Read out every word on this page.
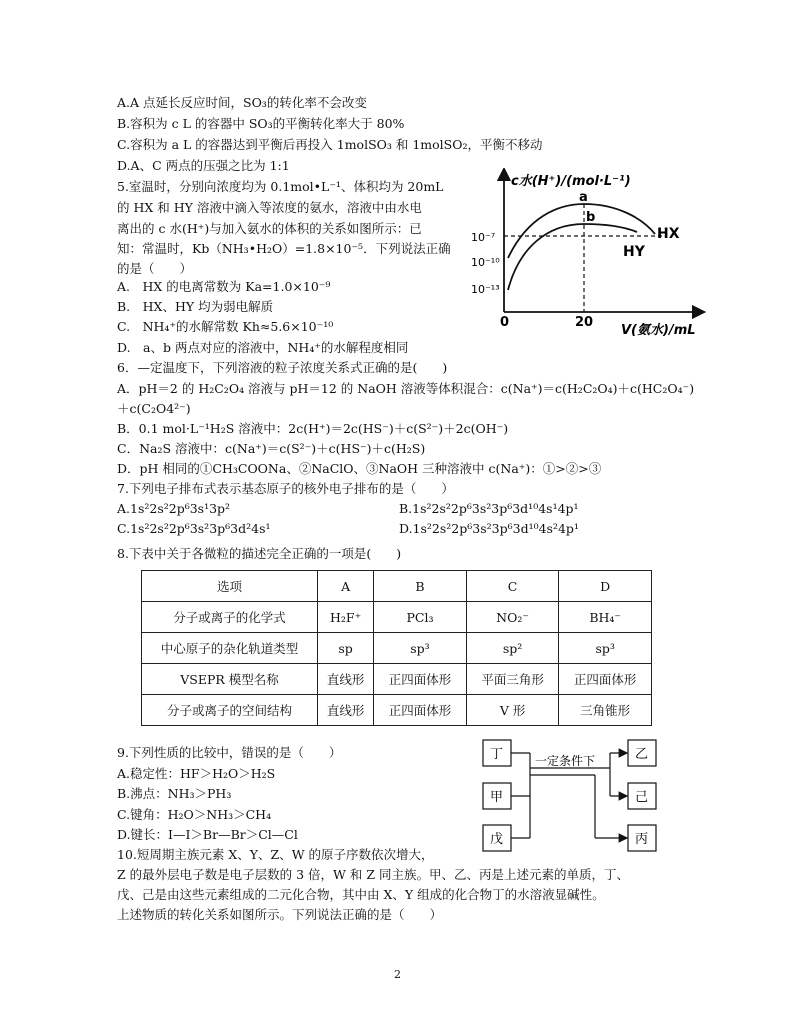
A.A 点延长反应时间，SO₃的转化率不会改变
B.容积为 c L 的容器中 SO₃的平衡转化率大于 80%
C.容积为 a L 的容器达到平衡后再投入 1molSO₃ 和 1molSO₂，平衡不移动
D.A、C 两点的压强之比为 1:1
5.室温时，分别向浓度均为 0.1mol•L⁻¹、体积均为 20mL
的 HX 和 HY 溶液中滴入等浓度的氨水，溶液中由水电
离出的 c 水(H⁺)与加入氨水的体积的关系如图所示：已
知：常温时，Kb（NH₃•H₂O）=1.8×10⁻⁵．下列说法正确
的是（　　）
A.　HX 的电离常数为 Ka=1.0×10⁻⁹
B.　HX、HY 均为弱电解质
C.　NH₄⁺的水解常数 Kh≈5.6×10⁻¹⁰
D.　a、b 两点对应的溶液中，NH₄⁺的水解程度相同
c水(H⁺)/(mol·L⁻¹)
10⁻⁷
10⁻¹⁰
10⁻¹³
0	20
V(氨水)/mL
HX
HY
a
b
6．—定温度下，下列溶液的粒子浓度关系式正确的是(　　)
A．pH＝2 的 H₂C₂O₄ 溶液与 pH＝12 的 NaOH 溶液等体积混合：c(Na⁺)＝c(H₂C₂O₄)＋c(HC₂O₄⁻)
＋c(C₂O4²⁻)
B．0.1 mol·L⁻¹H₂S 溶液中：2c(H⁺)＝2c(HS⁻)＋c(S²⁻)＋2c(OH⁻)
C．Na₂S 溶液中：c(Na⁺)＝c(S²⁻)＋c(HS⁻)＋c(H₂S)
D．pH 相同的①CH₃COONa、②NaClO、③NaOH 三种溶液中 c(Na⁺)：①>②>③
7.下列电子排布式表示基态原子的核外电子排布的是（　　）
A.1s²2s²2p⁶3s¹3p²	B.1s²2s²2p⁶3s²3p⁶3d¹⁰4s¹4p¹
C.1s²2s²2p⁶3s²3p⁶3d²4s¹	D.1s²2s²2p⁶3s²3p⁶3d¹⁰4s²4p¹
8.下表中关于各微粒的描述完全正确的一项是(　　)
选项	A	B	C	D
分子或离子的化学式	H₂F⁺	PCl₃	NO₂⁻	BH₄⁻
中心原子的杂化轨道类型	sp	sp³	sp²	sp³
VSEPR 模型名称	直线形	正四面体形	平面三角形	正四面体形
分子或离子的空间结构	直线形	正四面体形	V 形	三角锥形
9.下列性质的比较中，错误的是（　　）
A.稳定性：HF＞H₂O＞H₂S
B.沸点：NH₃＞PH₃
C.键角：H₂O＞NH₃＞CH₄
D.键长：I—I＞Br—Br＞Cl—Cl
一定条件下
丁
甲
戊
乙
己
丙
10.短周期主族元素 X、Y、Z、W 的原子序数依次增大，
Z 的最外层电子数是电子层数的 3 倍，W 和 Z 同主族。甲、乙、丙是上述元素的单质，丁、
戊、己是由这些元素组成的二元化合物，其中由 X、Y 组成的化合物丁的水溶液显碱性。
上述物质的转化关系如图所示。下列说法正确的是（　　）
2
